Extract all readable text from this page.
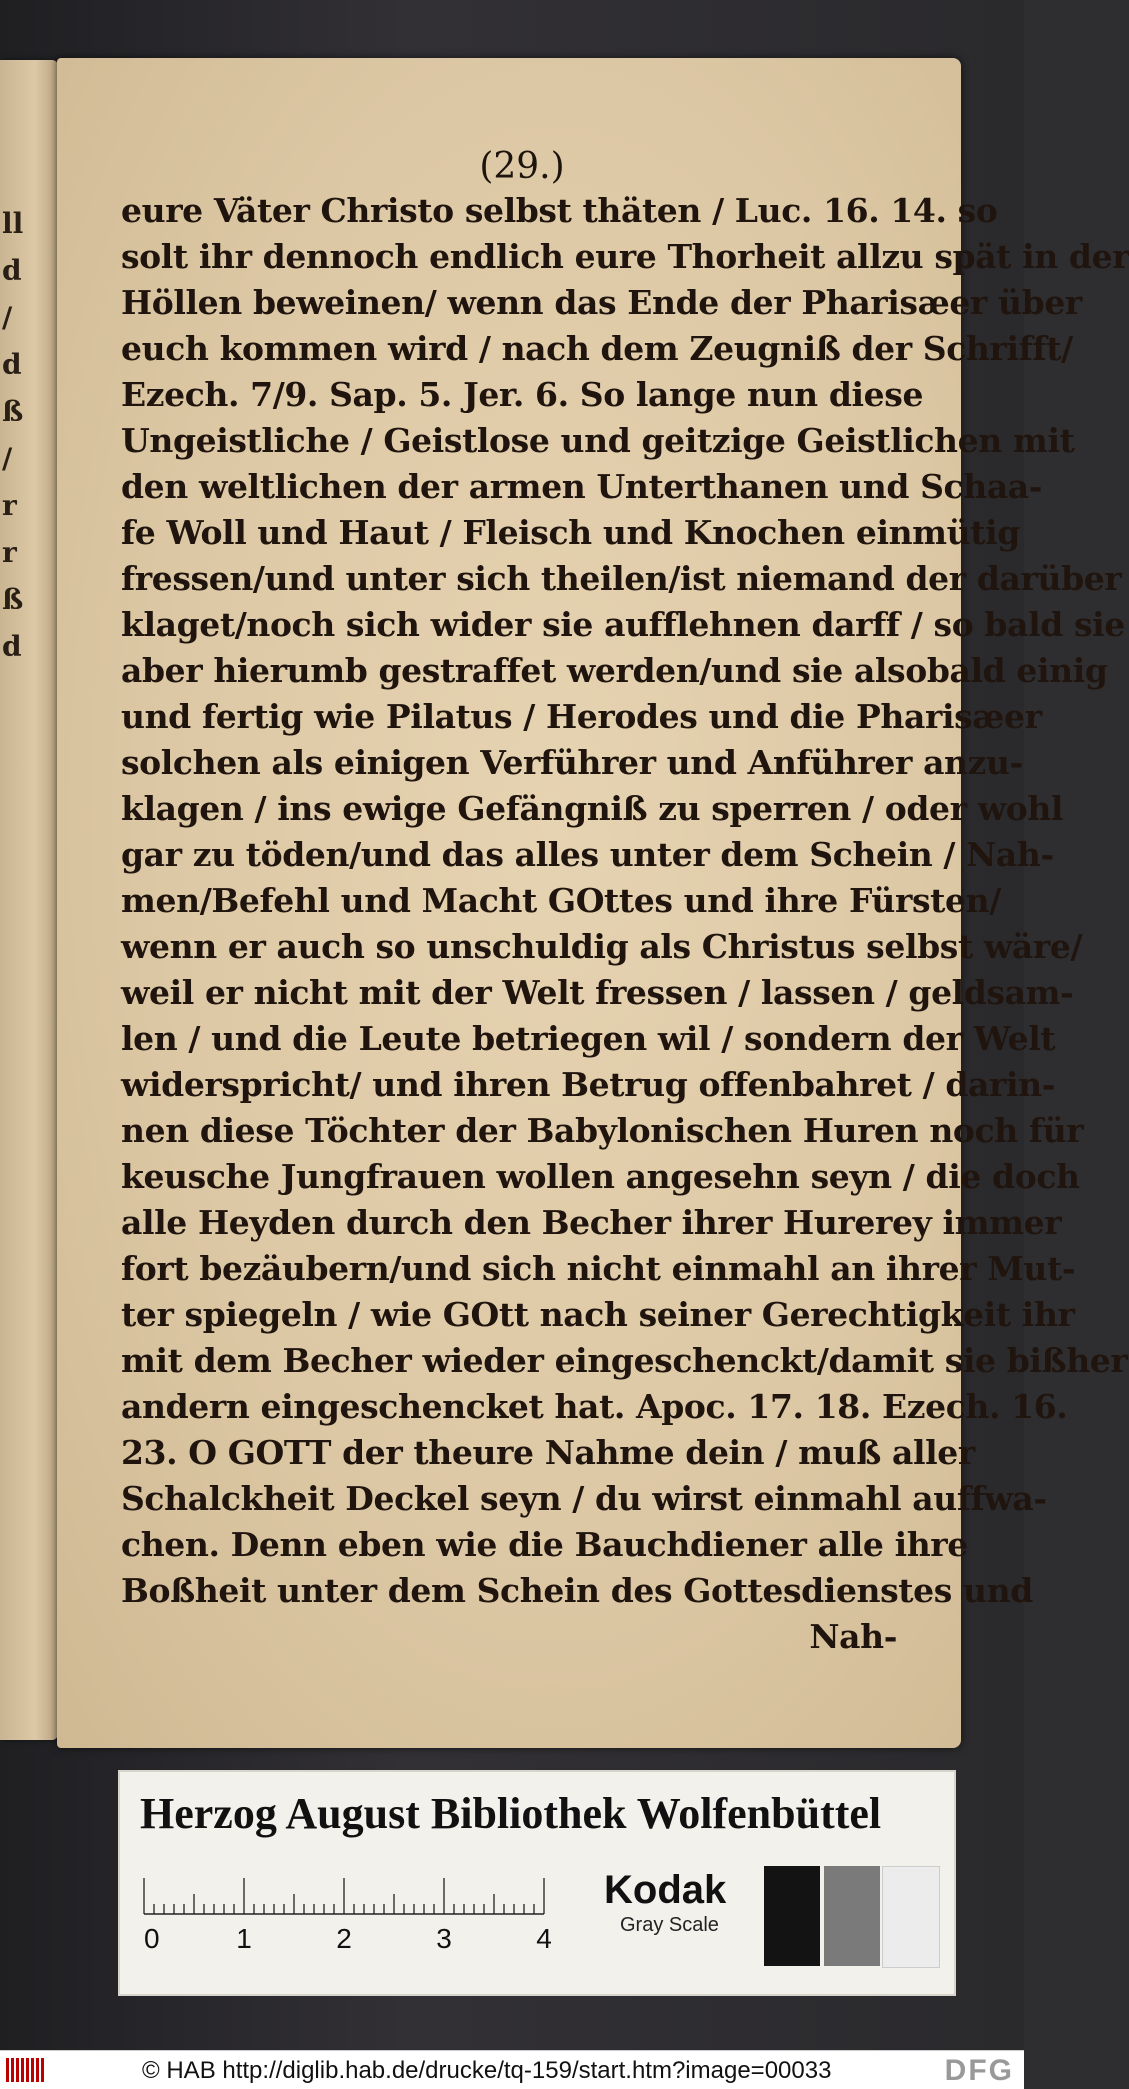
ll
d
/
d
ß
/
r
r
ß
d
(29.)
eure Väter Christo selbst thäten / Luc. 16. 14. so
solt ihr dennoch endlich eure Thorheit allzu spät in der
Höllen beweinen/ wenn das Ende der Pharisæer über
euch kommen wird / nach dem Zeugniß der Schrifft/
Ezech. 7/9. Sap. 5. Jer. 6. So lange nun diese
Ungeistliche / Geistlose und geitzige Geistlichen mit
den weltlichen der armen Unterthanen und Schaa-
fe Woll und Haut / Fleisch und Knochen einmütig
fressen/und unter sich theilen/ist niemand der darüber
klaget/noch sich wider sie aufflehnen darff / so bald sie
aber hierumb gestraffet werden/und sie alsobald einig
und fertig wie Pilatus / Herodes und die Pharisæer
solchen als einigen Verführer und Anführer anzu-
klagen / ins ewige Gefängniß zu sperren / oder wohl
gar zu töden/und das alles unter dem Schein / Nah-
men/Befehl und Macht GOttes und ihre Fürsten/
wenn er auch so unschuldig als Christus selbst wäre/
weil er nicht mit der Welt fressen / lassen / geldsam-
len / und die Leute betriegen wil / sondern der Welt
widerspricht/ und ihren Betrug offenbahret / darin-
nen diese Töchter der Babylonischen Huren noch für
keusche Jungfrauen wollen angesehn seyn / die doch
alle Heyden durch den Becher ihrer Hurerey immer
fort bezäubern/und sich nicht einmahl an ihrer Mut-
ter spiegeln / wie GOtt nach seiner Gerechtigkeit ihr
mit dem Becher wieder eingeschenckt/damit sie bißher
andern eingeschencket hat. Apoc. 17. 18. Ezech. 16.
23. O GOTT der theure Nahme dein / muß aller
Schalckheit Deckel seyn / du wirst einmahl auffwa-
chen. Denn eben wie die Bauchdiener alle ihre
Boßheit unter dem Schein des Gottesdienstes und
Nah-
Herzog August Bibliothek Wolfenbüttel
0	1	2	3	4
Kodak
Gray Scale
© HAB http://diglib.hab.de/drucke/tq-159/start.htm?image=00033	DFG
